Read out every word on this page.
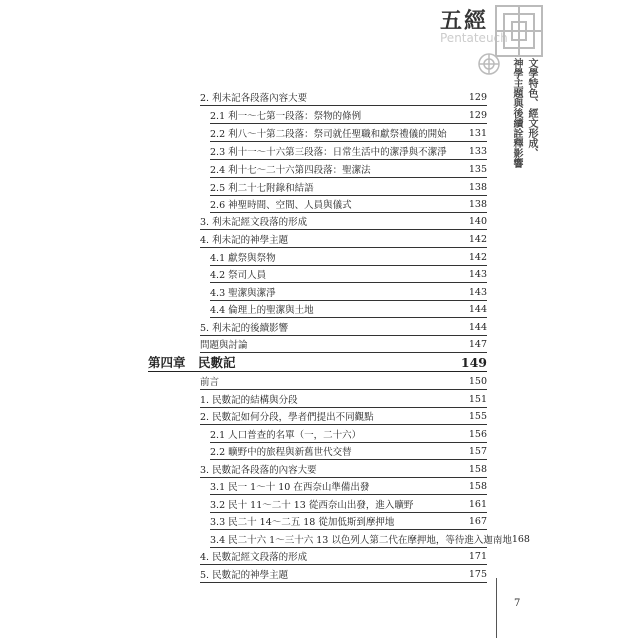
五經
Pentateuch
文學特色、經文形成、
神學主題與後續詮釋影響
2. 利未記各段落內容大要	129
2.1 利一～七第一段落：祭物的條例	129
2.2 利八～十第二段落：祭司就任聖職和獻祭禮儀的開始	131
2.3 利十一～十六第三段落：日常生活中的潔淨與不潔淨	133
2.4 利十七～二十六第四段落：聖潔法	135
2.5 利二十七附錄和結語	138
2.6 神聖時間、空間、人員與儀式	138
3. 利未記經文段落的形成	140
4. 利未記的神學主題	142
4.1 獻祭與祭物	142
4.2 祭司人員	143
4.3 聖潔與潔淨	143
4.4 倫理上的聖潔與土地	144
5. 利未記的後續影響	144
問題與討論	147
第四章　民數記	149
前言	150
1. 民數記的結構與分段	151
2. 民數記如何分段，學者們提出不同觀點	155
2.1 人口普查的名單（一，二十六）	156
2.2 曠野中的旅程與新舊世代交替	157
3. 民數記各段落的內容大要	158
3.1 民一 1～十 10 在西奈山準備出發	158
3.2 民十 11～二十 13 從西奈山出發，進入曠野	161
3.3 民二十 14～二五 18 從加低斯到摩押地	167
3.4 民二十六 1～三十六 13 以色列人第二代在摩押地，等待進入迦南地 168
4. 民數記經文段落的形成	171
5. 民數記的神學主題	175
7
